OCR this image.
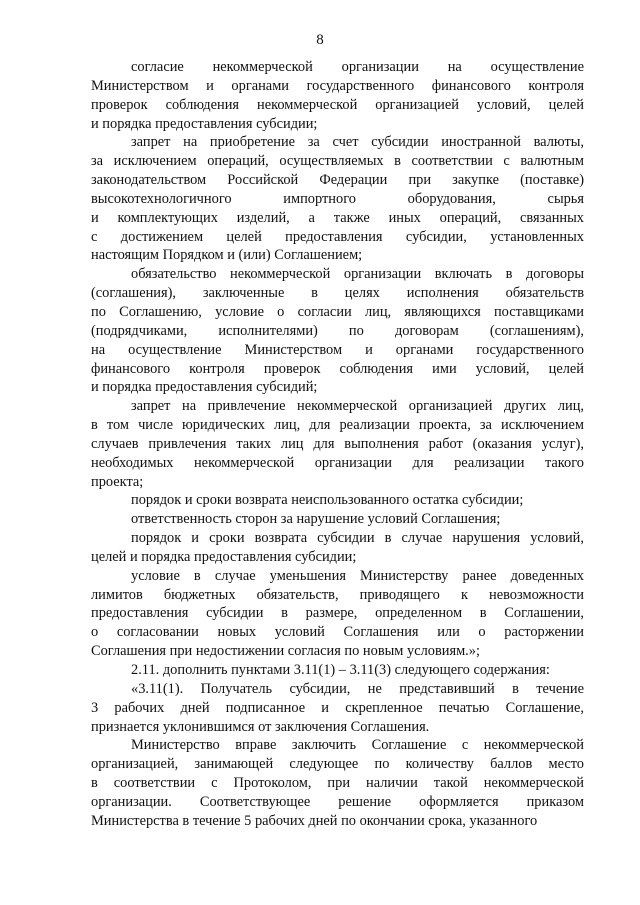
8

согласие некоммерческой организации на осуществление
Министерством и органами государственного финансового контроля
проверок соблюдения некоммерческой организацией условий, целей
и порядка предоставления субсидии;

запрет на приобретение за счет субсидии иностранной валюты,
за исключением операций, осуществляемых в соответствии с валютным
законодательством Российской Федерации при закупке (поставке)
высокотехнологичного импортного оборудования, сырья
и комплектующих изделий, а также иных операций, связанных
с достижением целей предоставления субсидии, установленных
настоящим Порядком и (или) Соглашением;

обязательство некоммерческой организации включать в договоры
(соглашения), заключенные в целях исполнения обязательств
по Соглашению, условие о согласии лиц, являющихся поставщиками
(подрядчиками, исполнителями) по договорам (соглашениям),
на осуществление Министерством и органами государственного
финансового контроля проверок соблюдения ими условий, целей
и порядка предоставления субсидий;

запрет на привлечение некоммерческой организацией других лиц,
в том числе юридических лиц, для реализации проекта, за исключением
случаев привлечения таких лиц для выполнения работ (оказания услуг),
необходимых некоммерческой организации для реализации такого
проекта;

порядок и сроки возврата неиспользованного остатка субсидии;

ответственность сторон за нарушение условий Соглашения;

порядок и сроки возврата субсидии в случае нарушения условий,
целей и порядка предоставления субсидии;

условие в случае уменьшения Министерству ранее доведенных
лимитов бюджетных обязательств, приводящего к невозможности
предоставления субсидии в размере, определенном в Соглашении,
о согласовании новых условий Соглашения или о расторжении
Соглашения при недостижении согласия по новым условиям.»;

2.11. дополнить пунктами 3.11(1) – 3.11(3) следующего содержания:

«3.11(1). Получатель субсидии, не представивший в течение
3 рабочих дней подписанное и скрепленное печатью Соглашение,
признается уклонившимся от заключения Соглашения.

Министерство вправе заключить Соглашение с некоммерческой
организацией, занимающей следующее по количеству баллов место
в соответствии с Протоколом, при наличии такой некоммерческой
организации. Соответствующее решение оформляется приказом
Министерства в течение 5 рабочих дней по окончании срока, указанного
